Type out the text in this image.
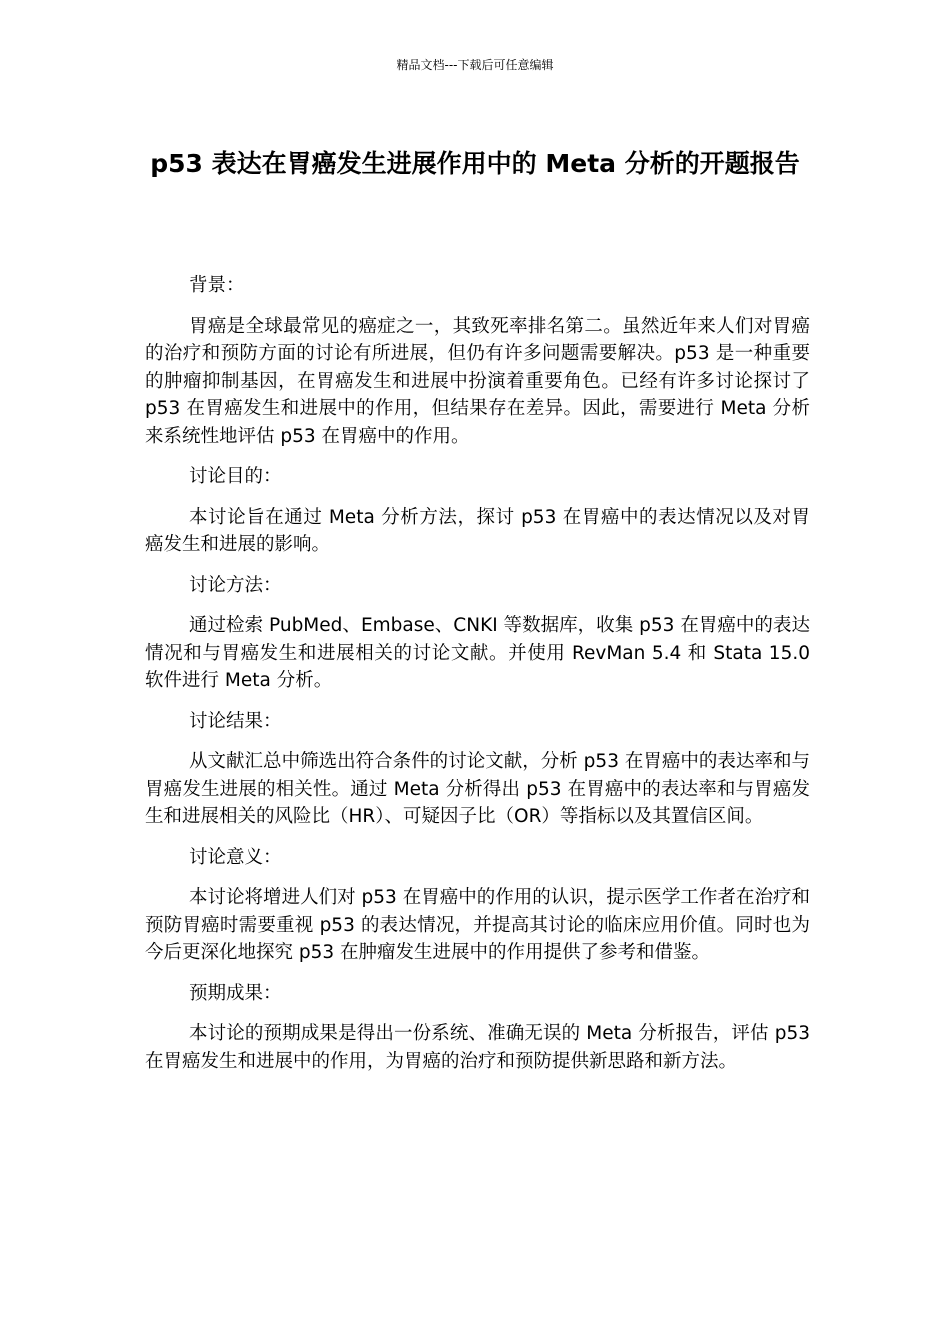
精品文档---下载后可任意编辑
p53 表达在胃癌发生进展作用中的 Meta 分析的开题报告

背景：

胃癌是全球最常见的癌症之一，其致死率排名第二。虽然近年来人们对胃癌的治疗和预防方面的讨论有所进展，但仍有许多问题需要解决。p53 是一种重要的肿瘤抑制基因，在胃癌发生和进展中扮演着重要角色。已经有许多讨论探讨了 p53 在胃癌发生和进展中的作用，但结果存在差异。因此，需要进行 Meta 分析来系统性地评估 p53 在胃癌中的作用。

讨论目的：

本讨论旨在通过 Meta 分析方法，探讨 p53 在胃癌中的表达情况以及对胃癌发生和进展的影响。

讨论方法：

通过检索 PubMed、Embase、CNKI 等数据库，收集 p53 在胃癌中的表达情况和与胃癌发生和进展相关的讨论文献。并使用 RevMan 5.4 和 Stata 15.0 软件进行 Meta 分析。

讨论结果：

从文献汇总中筛选出符合条件的讨论文献，分析 p53 在胃癌中的表达率和与胃癌发生进展的相关性。通过 Meta 分析得出 p53 在胃癌中的表达率和与胃癌发生和进展相关的风险比（HR）、可疑因子比（OR）等指标以及其置信区间。

讨论意义：

本讨论将增进人们对 p53 在胃癌中的作用的认识，提示医学工作者在治疗和预防胃癌时需要重视 p53 的表达情况，并提高其讨论的临床应用价值。同时也为今后更深化地探究 p53 在肿瘤发生进展中的作用提供了参考和借鉴。

预期成果：

本讨论的预期成果是得出一份系统、准确无误的 Meta 分析报告，评估 p53 在胃癌发生和进展中的作用，为胃癌的治疗和预防提供新思路和新方法。
